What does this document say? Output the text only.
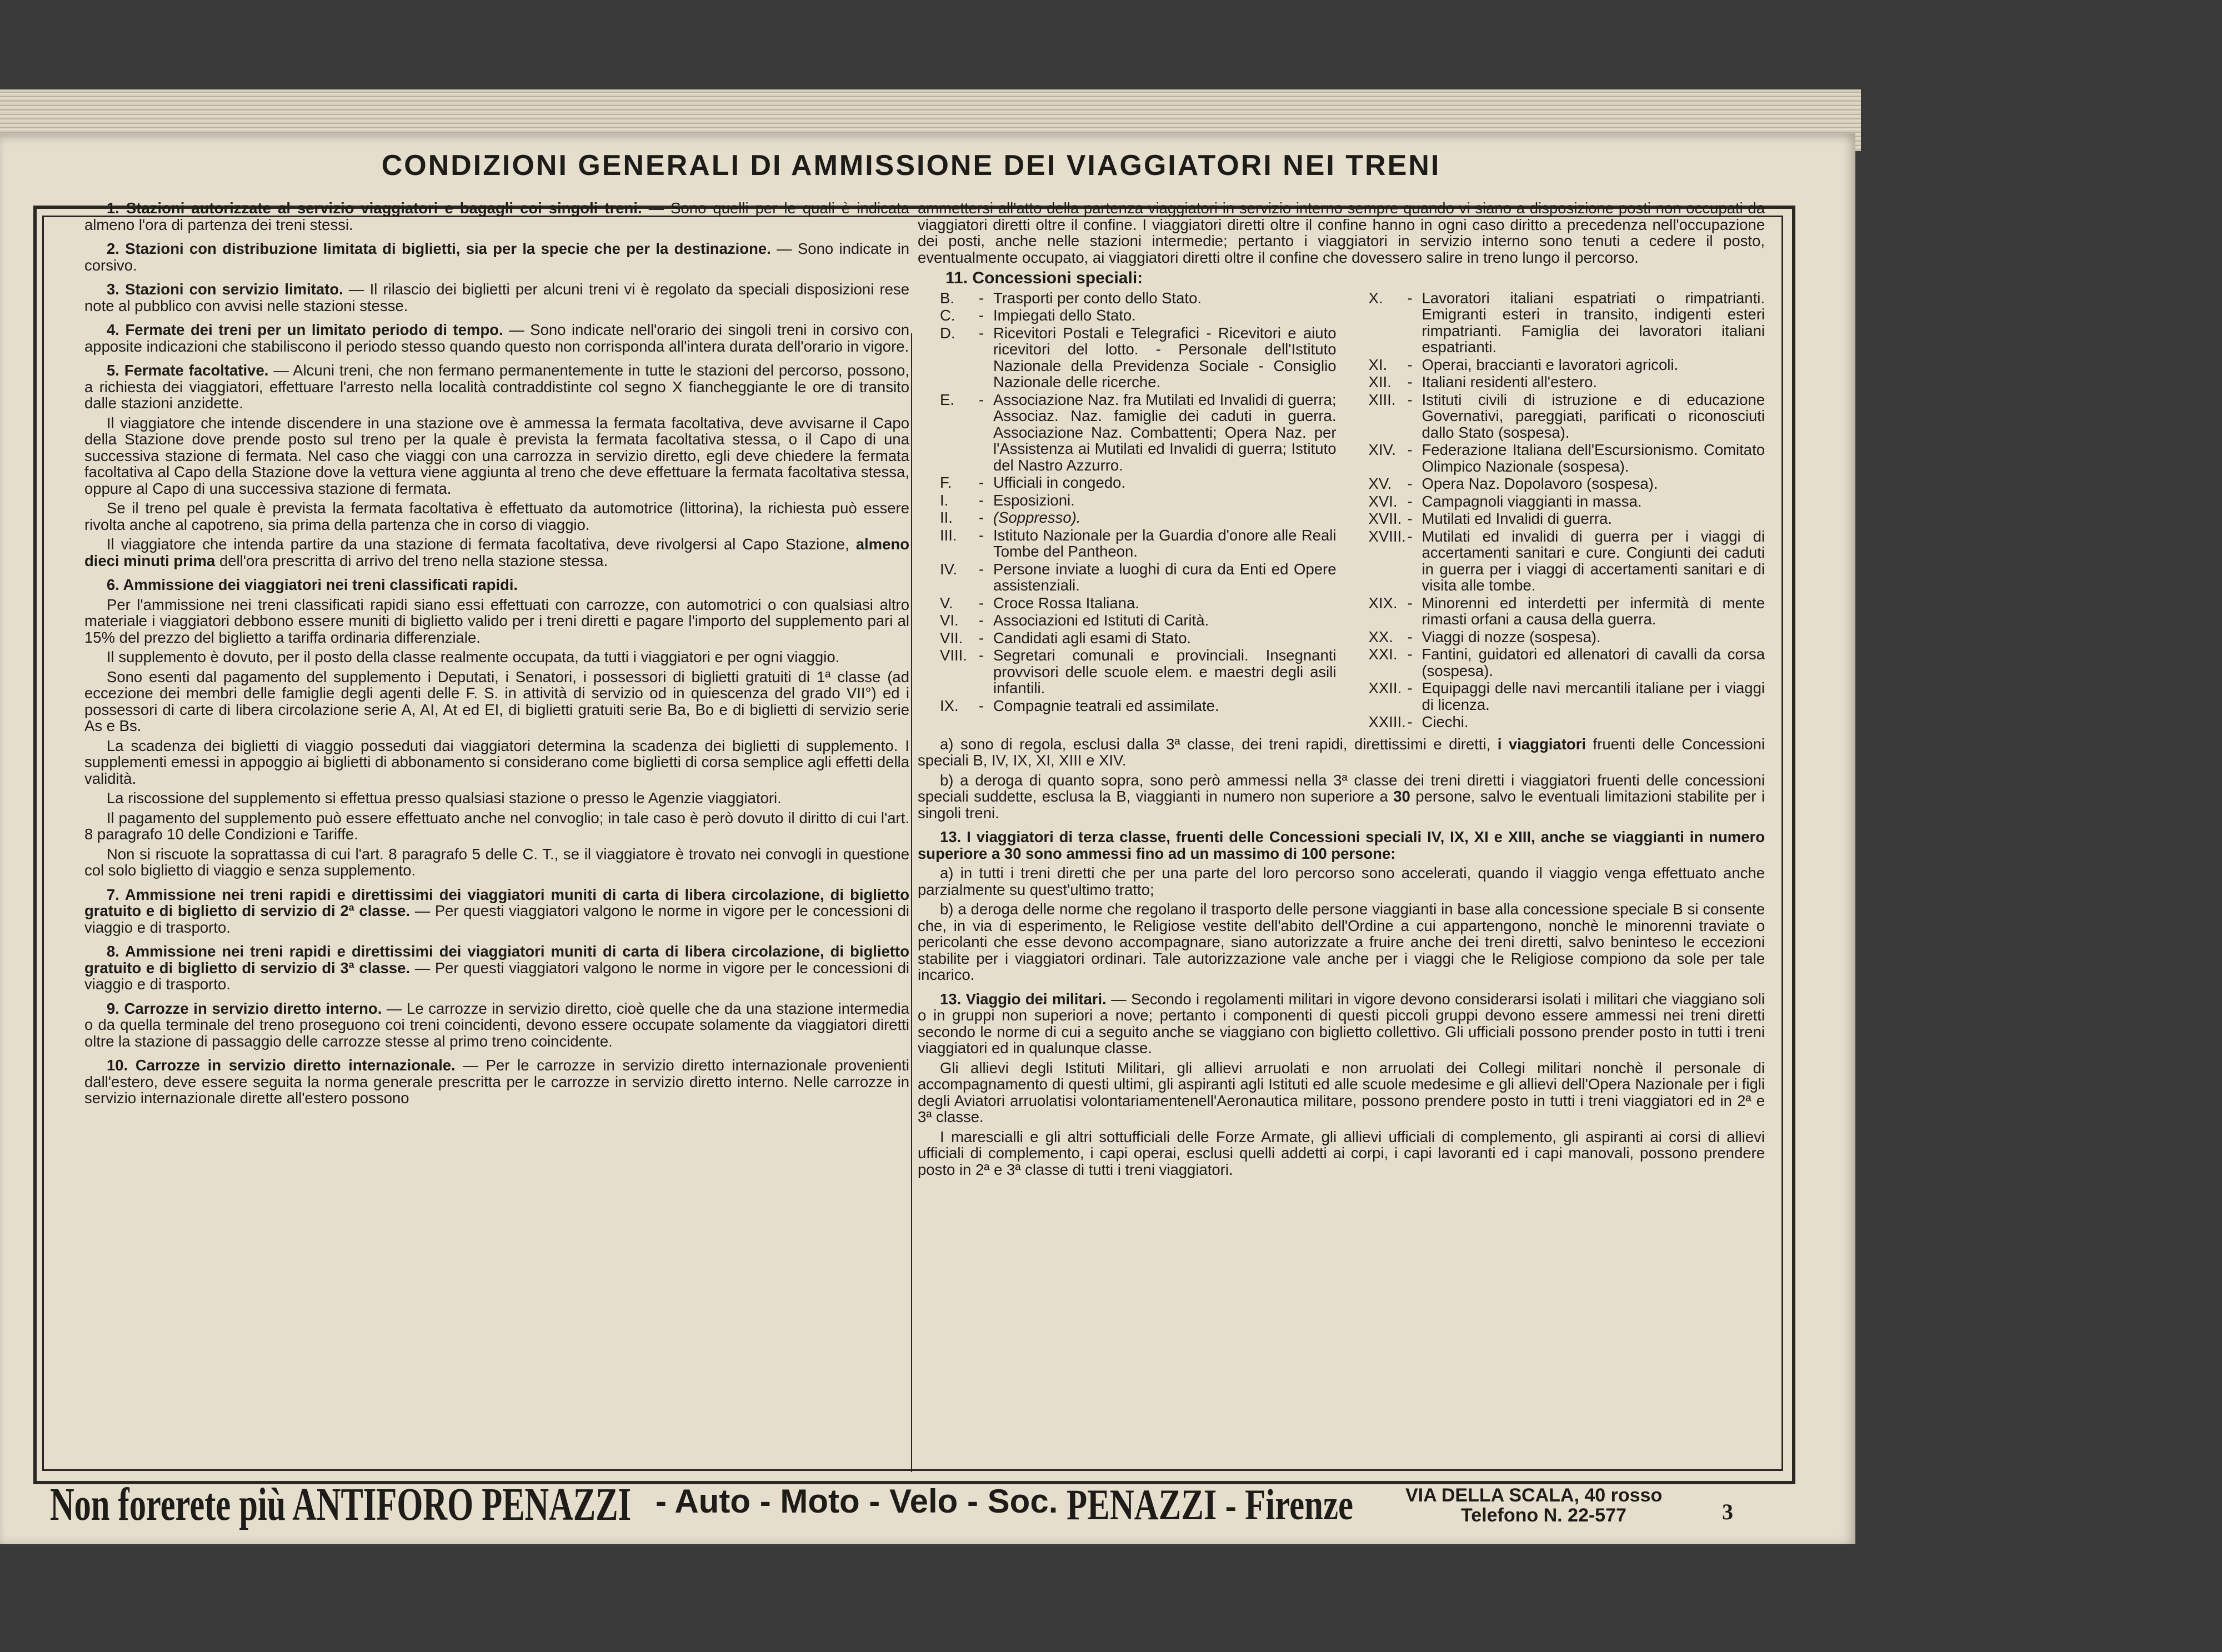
CONDIZIONI GENERALI DI AMMISSIONE DEI VIAGGIATORI NEI TRENI

1. Stazioni autorizzate al servizio viaggiatori e bagagli coi singoli treni. — Sono quelli per le quali è indicata almeno l'ora di partenza dei treni stessi.

2. Stazioni con distribuzione limitata di biglietti, sia per la specie che per la destinazione. — Sono indicate in corsivo.

3. Stazioni con servizio limitato. — Il rilascio dei biglietti per alcuni treni vi è regolato da speciali disposizioni rese note al pubblico con avvisi nelle stazioni stesse.

4. Fermate dei treni per un limitato periodo di tempo. — Sono indicate nell'orario dei singoli treni in corsivo con apposite indicazioni che stabiliscono il periodo stesso quando questo non corrisponda all'intera durata dell'orario in vigore.

5. Fermate facoltative. — Alcuni treni, che non fermano permanentemente in tutte le stazioni del percorso, possono, a richiesta dei viaggiatori, effettuare l'arresto nella località contraddistinte col segno X fiancheggiante le ore di transito dalle stazioni anzidette.

Il viaggiatore che intende discendere in una stazione ove è ammessa la fermata facoltativa, deve avvisarne il Capo della Stazione dove prende posto sul treno per la quale è prevista la fermata facoltativa stessa, o il Capo di una successiva stazione di fermata. Nel caso che viaggi con una carrozza in servizio diretto, egli deve chiedere la fermata facoltativa al Capo della Stazione dove la vettura viene aggiunta al treno che deve effettuare la fermata facoltativa stessa, oppure al Capo di una successiva stazione di fermata.

Se il treno pel quale è prevista la fermata facoltativa è effettuato da automotrice (littorina), la richiesta può essere rivolta anche al capotreno, sia prima della partenza che in corso di viaggio.

Il viaggiatore che intenda partire da una stazione di fermata facoltativa, deve rivolgersi al Capo Stazione, almeno dieci minuti prima dell'ora prescritta di arrivo del treno nella stazione stessa.

6. Ammissione dei viaggiatori nei treni classificati rapidi.

Per l'ammissione nei treni classificati rapidi siano essi effettuati con carrozze, con automotrici o con qualsiasi altro materiale i viaggiatori debbono essere muniti di biglietto valido per i treni diretti e pagare l'importo del supplemento pari al 15% del prezzo del biglietto a tariffa ordinaria differenziale.

Il supplemento è dovuto, per il posto della classe realmente occupata, da tutti i viaggiatori e per ogni viaggio.

Sono esenti dal pagamento del supplemento i Deputati, i Senatori, i possessori di biglietti gratuiti di 1ª classe (ad eccezione dei membri delle famiglie degli agenti delle F. S. in attività di servizio od in quiescenza del grado VII°) ed i possessori di carte di libera circolazione serie A, AI, At ed EI, di biglietti gratuiti serie Ba, Bo e di biglietti di servizio serie As e Bs.

La scadenza dei biglietti di viaggio posseduti dai viaggiatori determina la scadenza dei biglietti di supplemento. I supplementi emessi in appoggio ai biglietti di abbonamento si considerano come biglietti di corsa semplice agli effetti della validità.

La riscossione del supplemento si effettua presso qualsiasi stazione o presso le Agenzie viaggiatori.

Il pagamento del supplemento può essere effettuato anche nel convoglio; in tale caso è però dovuto il diritto di cui l'art. 8 paragrafo 10 delle Condizioni e Tariffe.

Non si riscuote la soprattassa di cui l'art. 8 paragrafo 5 delle C. T., se il viaggiatore è trovato nei convogli in questione col solo biglietto di viaggio e senza supplemento.

7. Ammissione nei treni rapidi e direttissimi dei viaggiatori muniti di carta di libera circolazione, di biglietto gratuito e di biglietto di servizio di 2ª classe. — Per questi viaggiatori valgono le norme in vigore per le concessioni di viaggio e di trasporto.

8. Ammissione nei treni rapidi e direttissimi dei viaggiatori muniti di carta di libera circolazione, di biglietto gratuito e di biglietto di servizio di 3ª classe. — Per questi viaggiatori valgono le norme in vigore per le concessioni di viaggio e di trasporto.

9. Carrozze in servizio diretto interno. — Le carrozze in servizio diretto, cioè quelle che da una stazione intermedia o da quella terminale del treno proseguono coi treni coincidenti, devono essere occupate solamente da viaggiatori diretti oltre la stazione di passaggio delle carrozze stesse al primo treno coincidente.

10. Carrozze in servizio diretto internazionale. — Per le carrozze in servizio diretto internazionale provenienti dall'estero, deve essere seguita la norma generale prescritta per le carrozze in servizio diretto interno. Nelle carrozze in servizio internazionale dirette all'estero possono

ammettersi all'atto della partenza viaggiatori in servizio interno sempre quando vi siano a disposizione posti non occupati da viaggiatori diretti oltre il confine. I viaggiatori diretti oltre il confine hanno in ogni caso diritto a precedenza nell'occupazione dei posti, anche nelle stazioni intermedie; pertanto i viaggiatori in servizio interno sono tenuti a cedere il posto, eventualmente occupato, ai viaggiatori diretti oltre il confine che dovessero salire in treno lungo il percorso.

11. Concessioni speciali:
B.	- Trasporti per conto dello Stato.
C.	- Impiegati dello Stato.
D.	- Ricevitori Postali e Telegrafici - Ricevitori e aiuto ricevitori del lotto. - Personale dell'Istituto Nazionale della Previdenza Sociale - Consiglio Nazionale delle ricerche.
E.	- Associazione Naz. fra Mutilati ed Invalidi di guerra; Associaz. Naz. famiglie dei caduti in guerra. Associazione Naz. Combattenti; Opera Naz. per l'Assistenza ai Mutilati ed Invalidi di guerra; Istituto del Nastro Azzurro.
F.	- Ufficiali in congedo.
I.	- Esposizioni.
II.	- (Soppresso).
III.	- Istituto Nazionale per la Guardia d'onore alle Reali Tombe del Pantheon.
IV.	- Persone inviate a luoghi di cura da Enti ed Opere assistenziali.
V.	- Croce Rossa Italiana.
VI.	- Associazioni ed Istituti di Carità.
VII.	- Candidati agli esami di Stato.
VIII. - Segretari comunali e provinciali. Insegnanti provvisori delle scuole elem. e maestri degli asili infantili.
IX.	- Compagnie teatrali ed assimilate.
X.	- Lavoratori italiani espatriati o rimpatrianti. Emigranti esteri in transito, indigenti esteri rimpatrianti. Famiglia dei lavoratori italiani espatrianti.
XI.	- Operai, braccianti e lavoratori agricoli.
XII.	- Italiani residenti all'estero.
XIII. - Istituti civili di istruzione e di educazione Governativi, pareggiati, parificati o riconosciuti dallo Stato (sospesa).
XIV. - Federazione Italiana dell'Escursionismo. Comitato Olimpico Nazionale (sospesa).
XV.	- Opera Naz. Dopolavoro (sospesa).
XVI. - Campagnoli viaggianti in massa.
XVII. - Mutilati ed Invalidi di guerra.
XVIII. - Mutilati ed invalidi di guerra per i viaggi di accertamenti sanitari e cure. Congiunti dei caduti in guerra per i viaggi di accertamenti sanitari e di visita alle tombe.
XIX. - Minorenni ed interdetti per infermità di mente rimasti orfani a causa della guerra.
XX. - Viaggi di nozze (sospesa).
XXI. - Fantini, guidatori ed allenatori di cavalli da corsa (sospesa).
XXII. - Equipaggi delle navi mercantili italiane per i viaggi di licenza.
XXIII. - Ciechi.

a) sono di regola, esclusi dalla 3ª classe, dei treni rapidi, direttissimi e diretti, i viaggiatori fruenti delle Concessioni speciali B, IV, IX, XI, XIII e XIV.

b) a deroga di quanto sopra, sono però ammessi nella 3ª classe dei treni diretti i viaggiatori fruenti delle concessioni speciali suddette, esclusa la B, viaggianti in numero non superiore a 30 persone, salvo le eventuali limitazioni stabilite per i singoli treni.

13. I viaggiatori di terza classe, fruenti delle Concessioni speciali IV, IX, XI e XIII, anche se viaggianti in numero superiore a 30 sono ammessi fino ad un massimo di 100 persone:

a) in tutti i treni diretti che per una parte del loro percorso sono accelerati, quando il viaggio venga effettuato anche parzialmente su quest'ultimo tratto;

b) a deroga delle norme che regolano il trasporto delle persone viaggianti in base alla concessione speciale B si consente che, in via di esperimento, le Religiose vestite dell'abito dell'Ordine a cui appartengono, nonchè le minorenni traviate o pericolanti che esse devono accompagnare, siano autorizzate a fruire anche dei treni diretti, salvo beninteso le eccezioni stabilite per i viaggiatori ordinari. Tale autorizzazione vale anche per i viaggi che le Religiose compiono da sole per tale incarico.

13. Viaggio dei militari. — Secondo i regolamenti militari in vigore devono considerarsi isolati i militari che viaggiano soli o in gruppi non superiori a nove; pertanto i componenti di questi piccoli gruppi devono essere ammessi nei treni diretti secondo le norme di cui a seguito anche se viaggiano con biglietto collettivo. Gli ufficiali possono prender posto in tutti i treni viaggiatori ed in qualunque classe.

Gli allievi degli Istituti Militari, gli allievi arruolati e non arruolati dei Collegi militari nonchè il personale di accompagnamento di questi ultimi, gli aspiranti agli Istituti ed alle scuole medesime e gli allievi dell'Opera Nazionale per i figli degli Aviatori arruolatisi volontariamentenell'Aeronautica militare, possono prendere posto in tutti i treni viaggiatori ed in 2ª e 3ª classe.

I marescialli e gli altri sottufficiali delle Forze Armate, gli allievi ufficiali di complemento, gli aspiranti ai corsi di allievi ufficiali di complemento, i capi operai, esclusi quelli addetti ai corpi, i capi lavoranti ed i capi manovali, possono prendere posto in 2ª e 3ª classe di tutti i treni viaggiatori.

Non forerete più ANTIFORO PENAZZI - Auto - Moto - Velo - Soc. PENAZZI - Firenze	VIA DELLA SCALA, 40 rosso
Telefono N. 22-577	3
